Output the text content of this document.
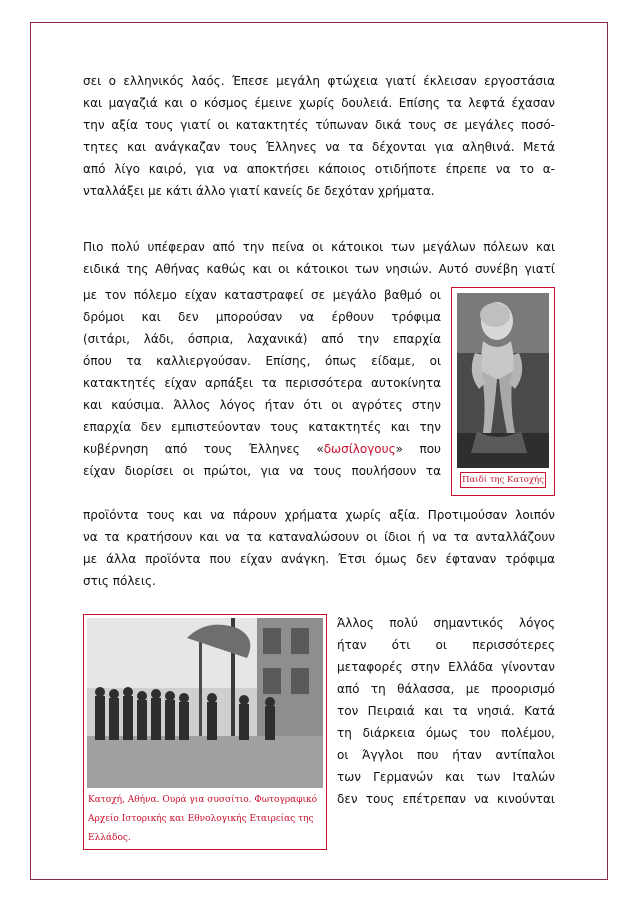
σει ο ελληνικός λαός. Έπεσε μεγάλη φτώχεια γιατί έκλεισαν εργοστάσια
και μαγαζιά και ο κόσμος έμεινε χωρίς δουλειά. Επίσης τα λεφτά έχασαν
την αξία τους γιατί οι κατακτητές τύπωναν δικά τους σε μεγάλες ποσό-
τητες και ανάγκαζαν τους Έλληνες να τα δέχονται για αληθινά. Μετά
από λίγο καιρό, για να αποκτήσει κάποιος οτιδήποτε έπρεπε να το α-
νταλλάξει με κάτι άλλο γιατί κανείς δε δεχόταν χρήματα.
Πιο πολύ υπέφεραν από την πείνα οι κάτοικοι των μεγάλων πόλεων και
ειδικά της Αθήνας καθώς και οι κάτοικοι των νησιών. Αυτό συνέβη γιατί
με τον πόλεμο είχαν καταστραφεί σε μεγάλο βαθμό οι
δρόμοι και δεν μπορούσαν να έρθουν τρόφιμα
(σιτάρι, λάδι, όσπρια, λαχανικά) από την επαρχία
όπου τα καλλιεργούσαν. Επίσης, όπως είδαμε, οι
κατακτητές είχαν αρπάξει τα περισσότερα αυτοκίνητα
και καύσιμα. Άλλος λόγος ήταν ότι οι αγρότες στην
επαρχία δεν εμπιστεύονταν τους κατακτητές και την
κυβέρνηση από τους Έλληνες «δωσίλογους» που
είχαν διορίσει οι πρώτοι, για να τους πουλήσουν τα
προϊόντα τους και να πάρουν χρήματα χωρίς αξία. Προτιμούσαν λοιπόν
να τα κρατήσουν και να τα καταναλώσουν οι ίδιοι ή να τα ανταλλάζουν
με άλλα προϊόντα που είχαν ανάγκη. Έτσι όμως δεν έφταναν τρόφιμα
στις πόλεις.
Παιδί της Κατοχής
Κατοχή, Αθήνα. Ουρά για συσσίτιο. Φωτογραφικό
Αρχείο Ιστορικής και Εθνολογικής Εταιρείας της
Ελλάδος.
Άλλος πολύ σημαντικός λόγος
ήταν ότι οι περισσότερες
μεταφορές στην Ελλάδα γίνονταν
από τη θάλασσα, με προορισμό
τον Πειραιά και τα νησιά. Κατά
τη διάρκεια όμως του πολέμου,
οι Άγγλοι που ήταν αντίπαλοι
των Γερμανών και των Ιταλών
δεν τους επέτρεπαν να κινούνται
